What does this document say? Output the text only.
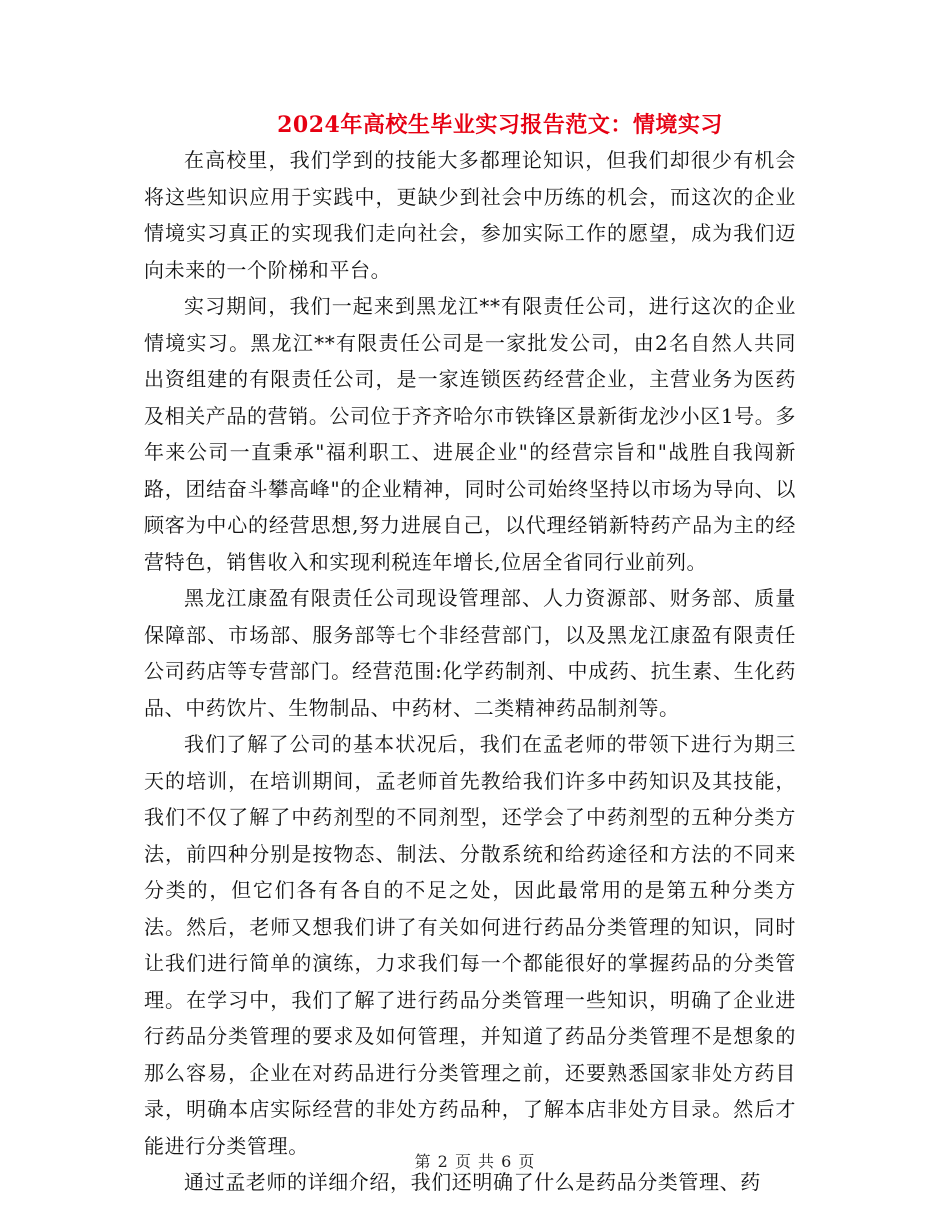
2024年高校生毕业实习报告范文：情境实习

在高校里，我们学到的技能大多都理论知识，但我们却很少有机会将这些知识应用于实践中，更缺少到社会中历练的机会，而这次的企业情境实习真正的实现我们走向社会，参加实际工作的愿望，成为我们迈向未来的一个阶梯和平台。

实习期间，我们一起来到黑龙江**有限责任公司，进行这次的企业情境实习。黑龙江**有限责任公司是一家批发公司，由2名自然人共同出资组建的有限责任公司，是一家连锁医药经营企业，主营业务为医药及相关产品的营销。公司位于齐齐哈尔市铁锋区景新街龙沙小区1号。多年来公司一直秉承"福利职工、进展企业"的经营宗旨和"战胜自我闯新路，团结奋斗攀高峰"的企业精神，同时公司始终坚持以市场为导向、以顾客为中心的经营思想,努力进展自己，以代理经销新特药产品为主的经营特色，销售收入和实现利税连年增长,位居全省同行业前列。

黑龙江康盈有限责任公司现设管理部、人力资源部、财务部、质量保障部、市场部、服务部等七个非经营部门，以及黑龙江康盈有限责任公司药店等专营部门。经营范围:化学药制剂、中成药、抗生素、生化药品、中药饮片、生物制品、中药材、二类精神药品制剂等。

我们了解了公司的基本状况后，我们在孟老师的带领下进行为期三天的培训，在培训期间，孟老师首先教给我们许多中药知识及其技能，我们不仅了解了中药剂型的不同剂型，还学会了中药剂型的五种分类方法，前四种分别是按物态、制法、分散系统和给药途径和方法的不同来分类的，但它们各有各自的不足之处，因此最常用的是第五种分类方法。然后，老师又想我们讲了有关如何进行药品分类管理的知识，同时让我们进行简单的演练，力求我们每一个都能很好的掌握药品的分类管理。在学习中，我们了解了进行药品分类管理一些知识，明确了企业进行药品分类管理的要求及如何管理，并知道了药品分类管理不是想象的那么容易，企业在对药品进行分类管理之前，还要熟悉国家非处方药目录，明确本店实际经营的非处方药品种，了解本店非处方目录。然后才能进行分类管理。

通过孟老师的详细介绍，我们还明确了什么是药品分类管理、药

第 2 页 共 6 页
